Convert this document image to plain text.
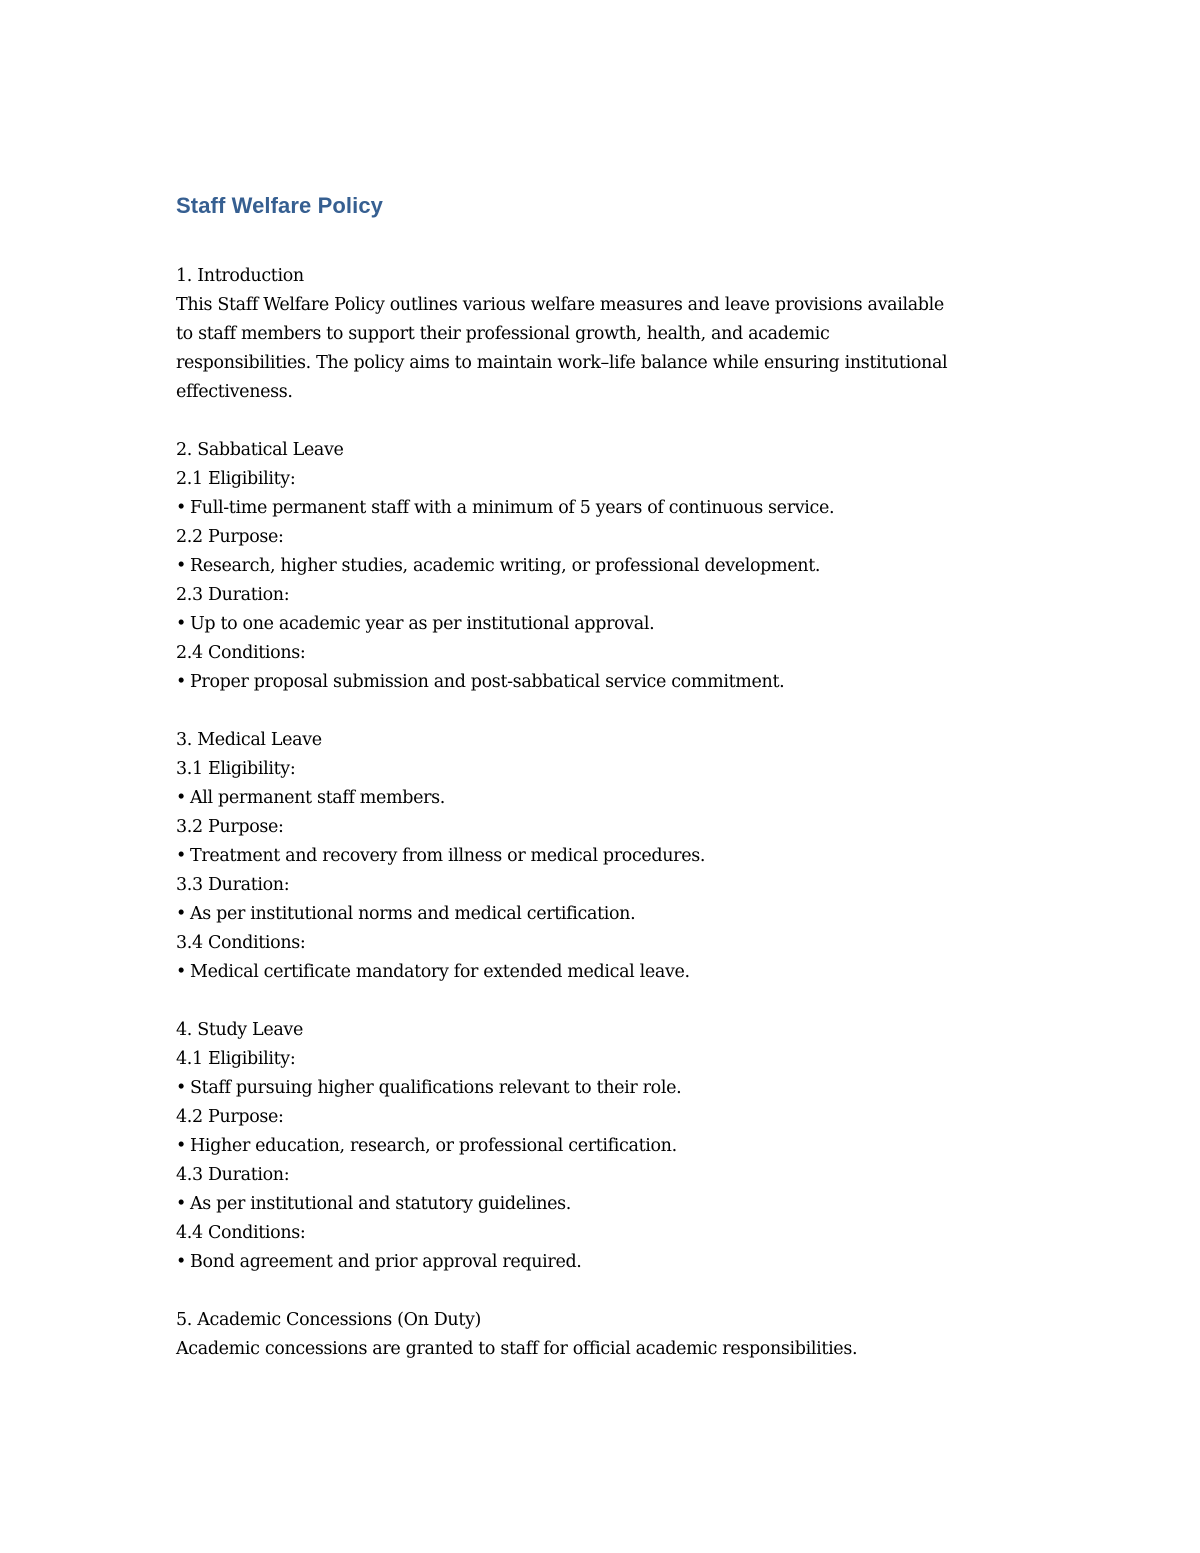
Staff Welfare Policy
1. Introduction
This Staff Welfare Policy outlines various welfare measures and leave provisions available
to staff members to support their professional growth, health, and academic
responsibilities. The policy aims to maintain work–life balance while ensuring institutional
effectiveness.
2. Sabbatical Leave
2.1 Eligibility:
• Full-time permanent staff with a minimum of 5 years of continuous service.
2.2 Purpose:
• Research, higher studies, academic writing, or professional development.
2.3 Duration:
• Up to one academic year as per institutional approval.
2.4 Conditions:
• Proper proposal submission and post-sabbatical service commitment.
3. Medical Leave
3.1 Eligibility:
• All permanent staff members.
3.2 Purpose:
• Treatment and recovery from illness or medical procedures.
3.3 Duration:
• As per institutional norms and medical certification.
3.4 Conditions:
• Medical certificate mandatory for extended medical leave.
4. Study Leave
4.1 Eligibility:
• Staff pursuing higher qualifications relevant to their role.
4.2 Purpose:
• Higher education, research, or professional certification.
4.3 Duration:
• As per institutional and statutory guidelines.
4.4 Conditions:
• Bond agreement and prior approval required.
5. Academic Concessions (On Duty)
Academic concessions are granted to staff for official academic responsibilities.
